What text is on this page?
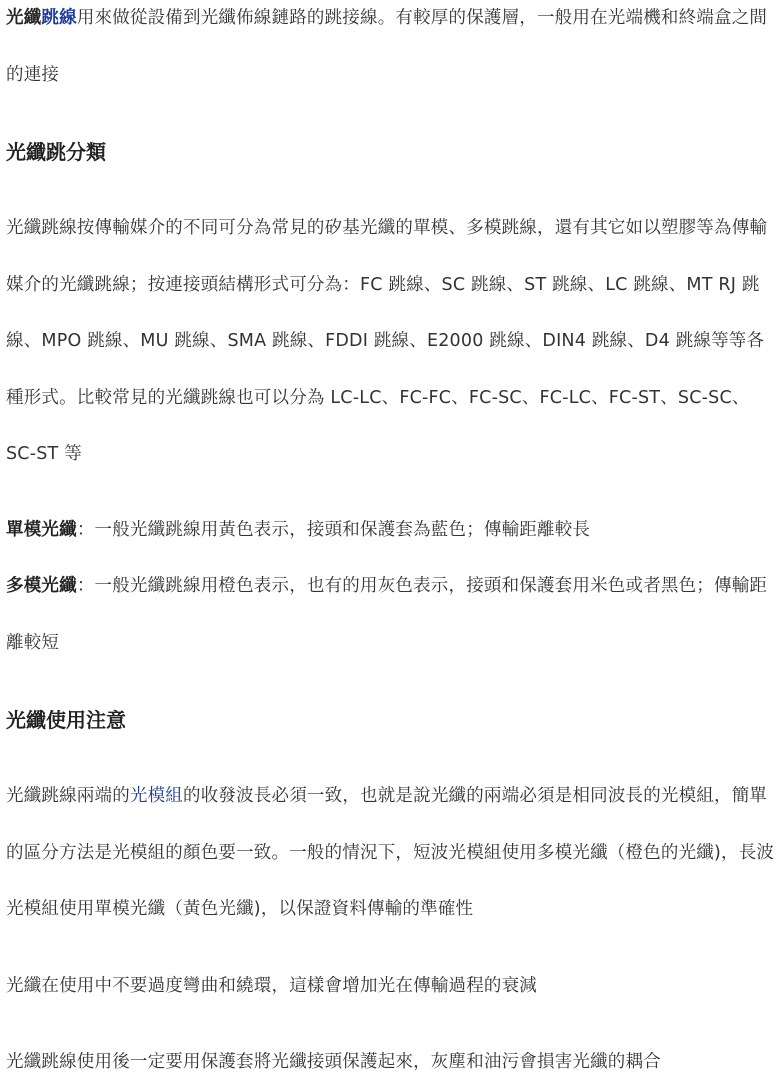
光纖跳線用來做從設備到光纖佈線鏈路的跳接線。有較厚的保護層，一般用在光端機和終端盒之間的連接

光纖跳分類

光纖跳線按傳輸媒介的不同可分為常見的矽基光纖的單模、多模跳線，還有其它如以塑膠等為傳輸媒介的光纖跳線；按連接頭結構形式可分為：FC 跳線、SC 跳線、ST 跳線、LC 跳線、MT RJ 跳線、MPO 跳線、MU 跳線、SMA 跳線、FDDI 跳線、E2000 跳線、DIN4 跳線、D4 跳線等等各種形式。比較常見的光纖跳線也可以分為 LC-LC、FC-FC、FC-SC、FC-LC、FC-ST、SC-SC、SC-ST 等

單模光纖：一般光纖跳線用黃色表示，接頭和保護套為藍色；傳輸距離較長

多模光纖：一般光纖跳線用橙色表示，也有的用灰色表示，接頭和保護套用米色或者黑色；傳輸距離較短

光纖使用注意

光纖跳線兩端的光模組的收發波長必須一致，也就是說光纖的兩端必須是相同波長的光模組，簡單的區分方法是光模組的顏色要一致。一般的情況下，短波光模組使用多模光纖（橙色的光纖)，長波光模組使用單模光纖（黃色光纖)，以保證資料傳輸的準確性

光纖在使用中不要過度彎曲和繞環，這樣會增加光在傳輸過程的衰減

光纖跳線使用後一定要用保護套將光纖接頭保護起來，灰塵和油污會損害光纖的耦合
